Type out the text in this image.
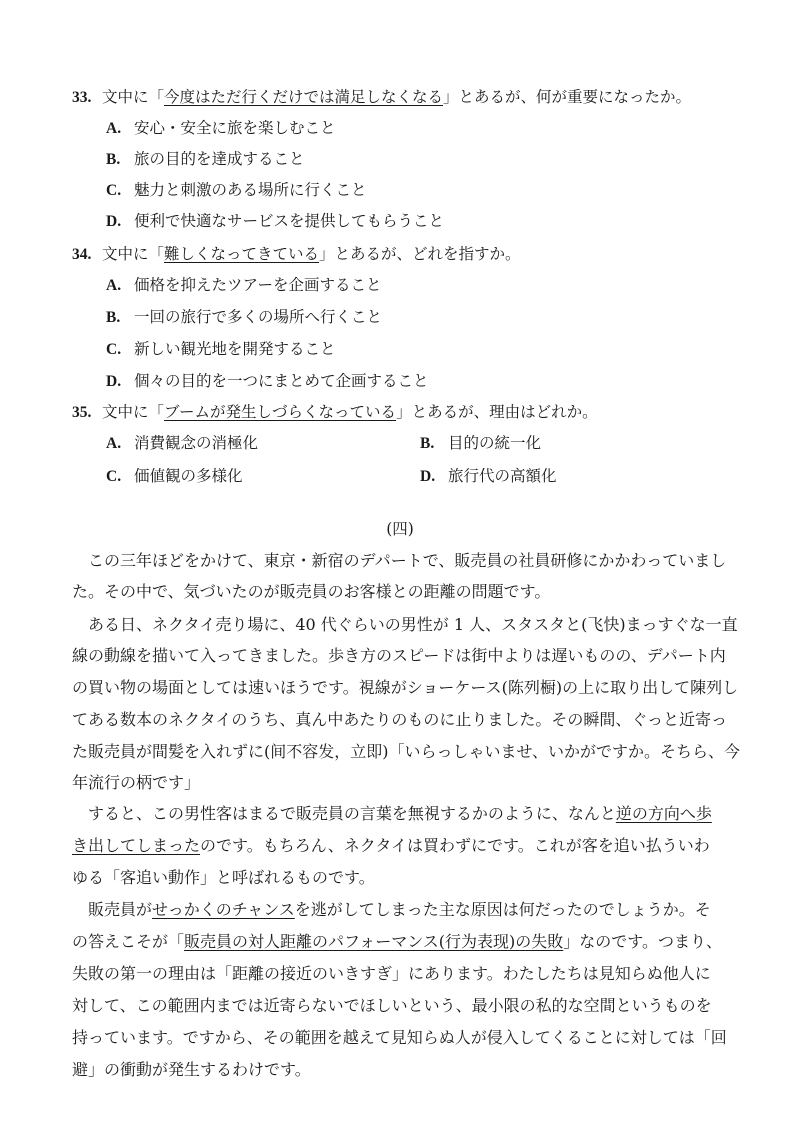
33. 文中に「今度はただ行くだけでは満足しなくなる」とあるが、何が重要になったか。
A. 安心・安全に旅を楽しむこと
B. 旅の目的を達成すること
C. 魅力と刺激のある場所に行くこと
D. 便利で快適なサービスを提供してもらうこと
34. 文中に「難しくなってきている」とあるが、どれを指すか。
A. 価格を抑えたツアーを企画すること
B. 一回の旅行で多くの場所へ行くこと
C. 新しい観光地を開発すること
D. 個々の目的を一つにまとめて企画すること
35. 文中に「ブームが発生しづらくなっている」とあるが、理由はどれか。
A. 消費観念の消極化	B. 目的の統一化
C. 価値観の多様化	D. 旅行代の高額化
(四)
この三年ほどをかけて、東京・新宿のデパートで、販売員の社員研修にかかわっていまし
た。その中で、気づいたのが販売員のお客様との距離の問題です。
ある日、ネクタイ売り場に、40 代ぐらいの男性が 1 人、スタスタと(飞快)まっすぐな一直
線の動線を描いて入ってきました。歩き方のスピードは街中よりは遅いものの、デパート内
の買い物の場面としては速いほうです。視線がショーケース(陈列橱)の上に取り出して陳列し
てある数本のネクタイのうち、真ん中あたりのものに止りました。その瞬間、ぐっと近寄っ
た販売員が間髪を入れずに(间不容发，立即)「いらっしゃいませ、いかがですか。そちら、今
年流行の柄です」
すると、この男性客はまるで販売員の言葉を無視するかのように、なんと逆の方向へ歩
き出してしまったのです。もちろん、ネクタイは買わずにです。これが客を追い払ういわ
ゆる「客追い動作」と呼ばれるものです。
販売員がせっかくのチャンスを逃がしてしまった主な原因は何だったのでしょうか。そ
の答えこそが「販売員の対人距離のパフォーマンス(行为表现)の失敗」なのです。つまり、
失敗の第一の理由は「距離の接近のいきすぎ」にあります。わたしたちは見知らぬ他人に
対して、この範囲内までは近寄らないでほしいという、最小限の私的な空間というものを
持っています。ですから、その範囲を越えて見知らぬ人が侵入してくることに対しては「回
避」の衝動が発生するわけです。
